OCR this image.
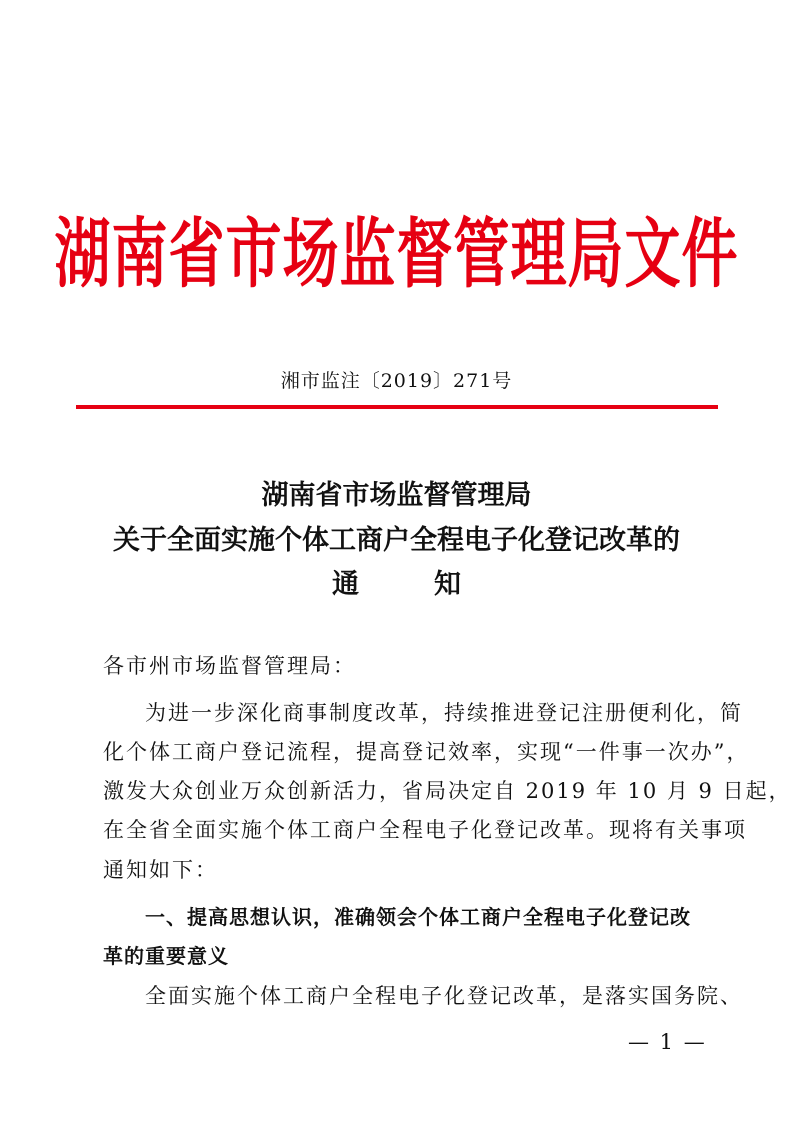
湖南省市场监督管理局文件
湘市监注〔2019〕271号
湖南省市场监督管理局
关于全面实施个体工商户全程电子化登记改革的
通　知
各市州市场监督管理局：
为进一步深化商事制度改革，持续推进登记注册便利化，简
化个体工商户登记流程，提高登记效率，实现“一件事一次办”，
激发大众创业万众创新活力，省局决定自 2019 年 10 月 9 日起，
在全省全面实施个体工商户全程电子化登记改革。现将有关事项
通知如下：
一、提高思想认识，准确领会个体工商户全程电子化登记改
革的重要意义
全面实施个体工商户全程电子化登记改革，是落实国务院、
— 1 —
